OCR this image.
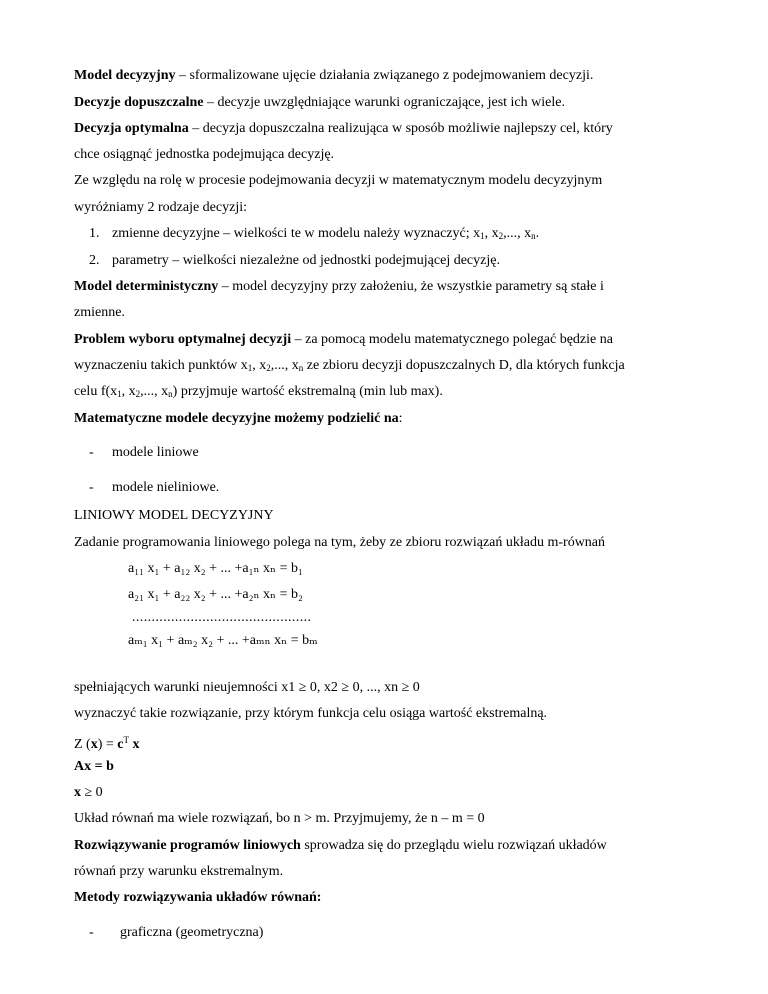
Model decyzyjny – sformalizowane ujęcie działania związanego z podejmowaniem decyzji.
Decyzje dopuszczalne – decyzje uwzględniające warunki ograniczające, jest ich wiele.
Decyzja optymalna – decyzja dopuszczalna realizująca w sposób możliwie najlepszy cel, który
chce osiągnąć jednostka podejmująca decyzję.
Ze względu na rolę w procesie podejmowania decyzji w matematycznym modelu decyzyjnym
wyróżniamy 2 rodzaje decyzji:
1. zmienne decyzyjne – wielkości te w modelu należy wyznaczyć; $x_1$, $x_2$,..., $x_n$.
2. parametry – wielkości niezależne od jednostki podejmującej decyzję.
Model deterministyczny – model decyzyjny przy założeniu, że wszystkie parametry są stałe i
zmienne.
Problem wyboru optymalnej decyzji – za pomocą modelu matematycznego polegać będzie na
wyznaczeniu takich punktów $x_1$, $x_2$,..., $x_n$ ze zbioru decyzji dopuszczalnych D, dla których funkcja
celu $f(x_1$, $x_2$,..., $x_n$) przyjmuje wartość ekstremalną (min lub max).
Matematyczne modele decyzyjne możemy podzielić na:
- modele liniowe
- modele nieliniowe.
LINIOWY MODEL DECYZYJNY
Zadanie programowania liniowego polega na tym, żeby ze zbioru rozwiązań układu m-równań
a₁₁ x₁ + a₁₂ x₂ + ... +a₁ₙ xₙ = b₁
a₂₁ x₁ + a₂₂ x₂ + ... +a₂ₙ xₙ = b₂
..............................................
aₘ₁ x₁ + aₘ₂ x₂ + ... +aₘₙ xₙ = bₘ
spełniających warunki nieujemności x1 ≥ 0, x2 ≥ 0, ..., xn ≥ 0
wyznaczyć takie rozwiązanie, przy którym funkcja celu osiąga wartość ekstremalną.
Z $(x) = c^T$ x
Ax = b
x ≥ 0
Układ równań ma wiele rozwiązań, bo n > m. Przyjmujemy, że n – m = 0
Rozwiązywanie programów liniowych sprowadza się do przeglądu wielu rozwiązań układów
równań przy warunku ekstremalnym.
Metody rozwiązywania układów równań:
- graficzna (geometryczna)
